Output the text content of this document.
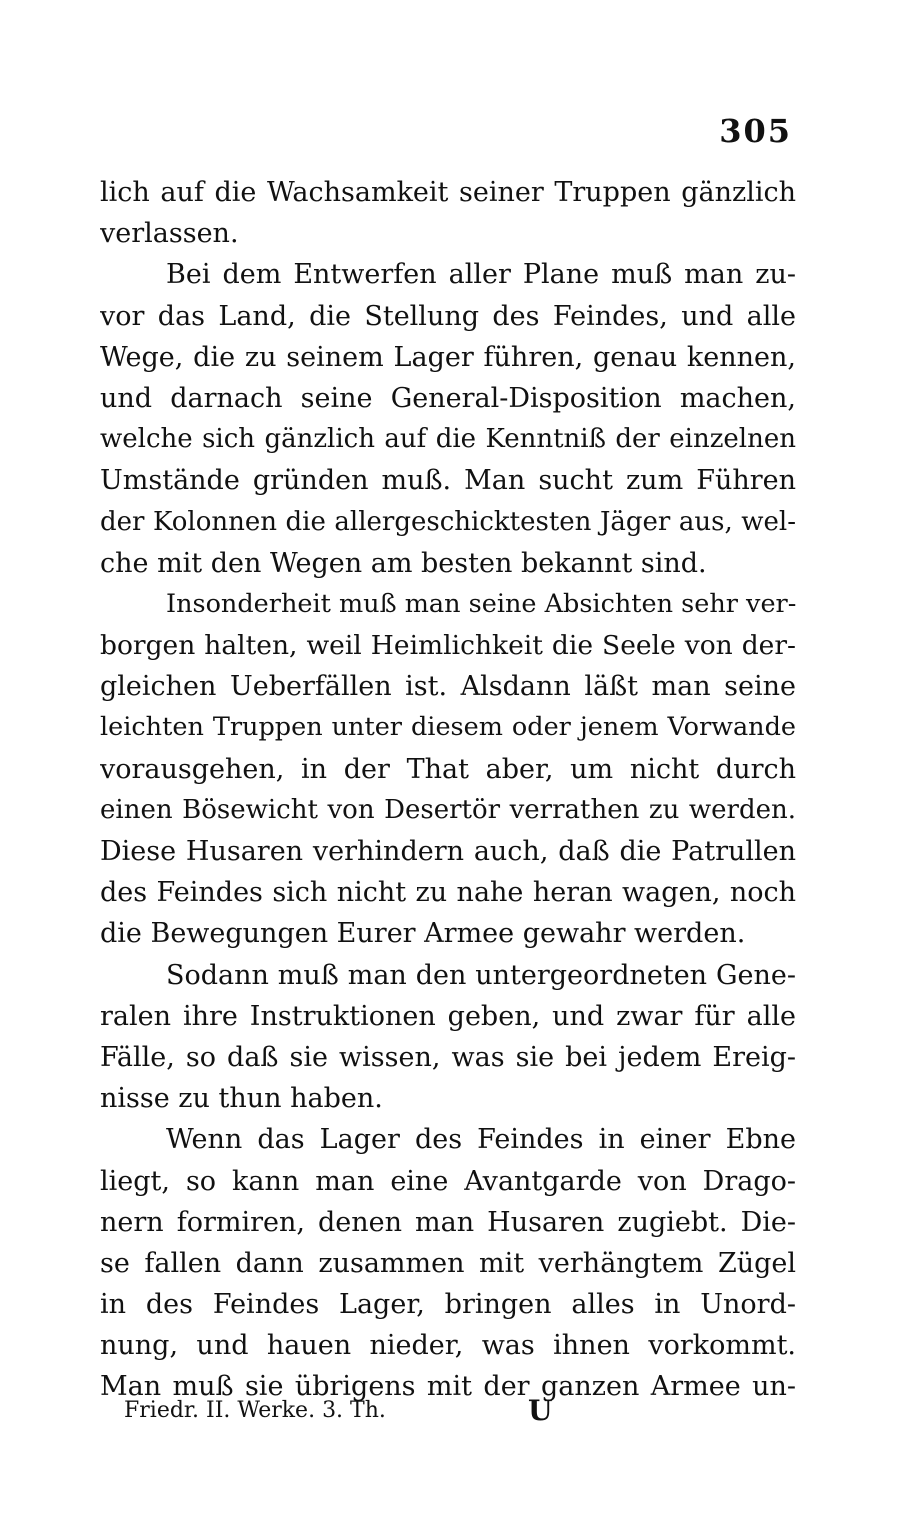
305
lich auf die Wachsamkeit seiner Truppen gänzlich
verlassen.
Bei dem Entwerfen aller Plane muß man zu-
vor das Land, die Stellung des Feindes, und alle
Wege, die zu seinem Lager führen, genau kennen,
und darnach seine General-Disposition machen,
welche sich gänzlich auf die Kenntniß der einzelnen
Umstände gründen muß. Man sucht zum Führen
der Kolonnen die allergeschicktesten Jäger aus, wel-
che mit den Wegen am besten bekannt sind.
Insonderheit muß man seine Absichten sehr ver-
borgen halten, weil Heimlichkeit die Seele von der-
gleichen Ueberfällen ist. Alsdann läßt man seine
leichten Truppen unter diesem oder jenem Vorwande
vorausgehen, in der That aber, um nicht durch
einen Bösewicht von Desertör verrathen zu werden.
Diese Husaren verhindern auch, daß die Patrullen
des Feindes sich nicht zu nahe heran wagen, noch
die Bewegungen Eurer Armee gewahr werden.
Sodann muß man den untergeordneten Gene-
ralen ihre Instruktionen geben, und zwar für alle
Fälle, so daß sie wissen, was sie bei jedem Ereig-
nisse zu thun haben.
Wenn das Lager des Feindes in einer Ebne
liegt, so kann man eine Avantgarde von Drago-
nern formiren, denen man Husaren zugiebt. Die-
se fallen dann zusammen mit verhängtem Zügel
in des Feindes Lager, bringen alles in Unord-
nung, und hauen nieder, was ihnen vorkommt.
Man muß sie übrigens mit der ganzen Armee un-
Friedr. II. Werke. 3. Th.	U
